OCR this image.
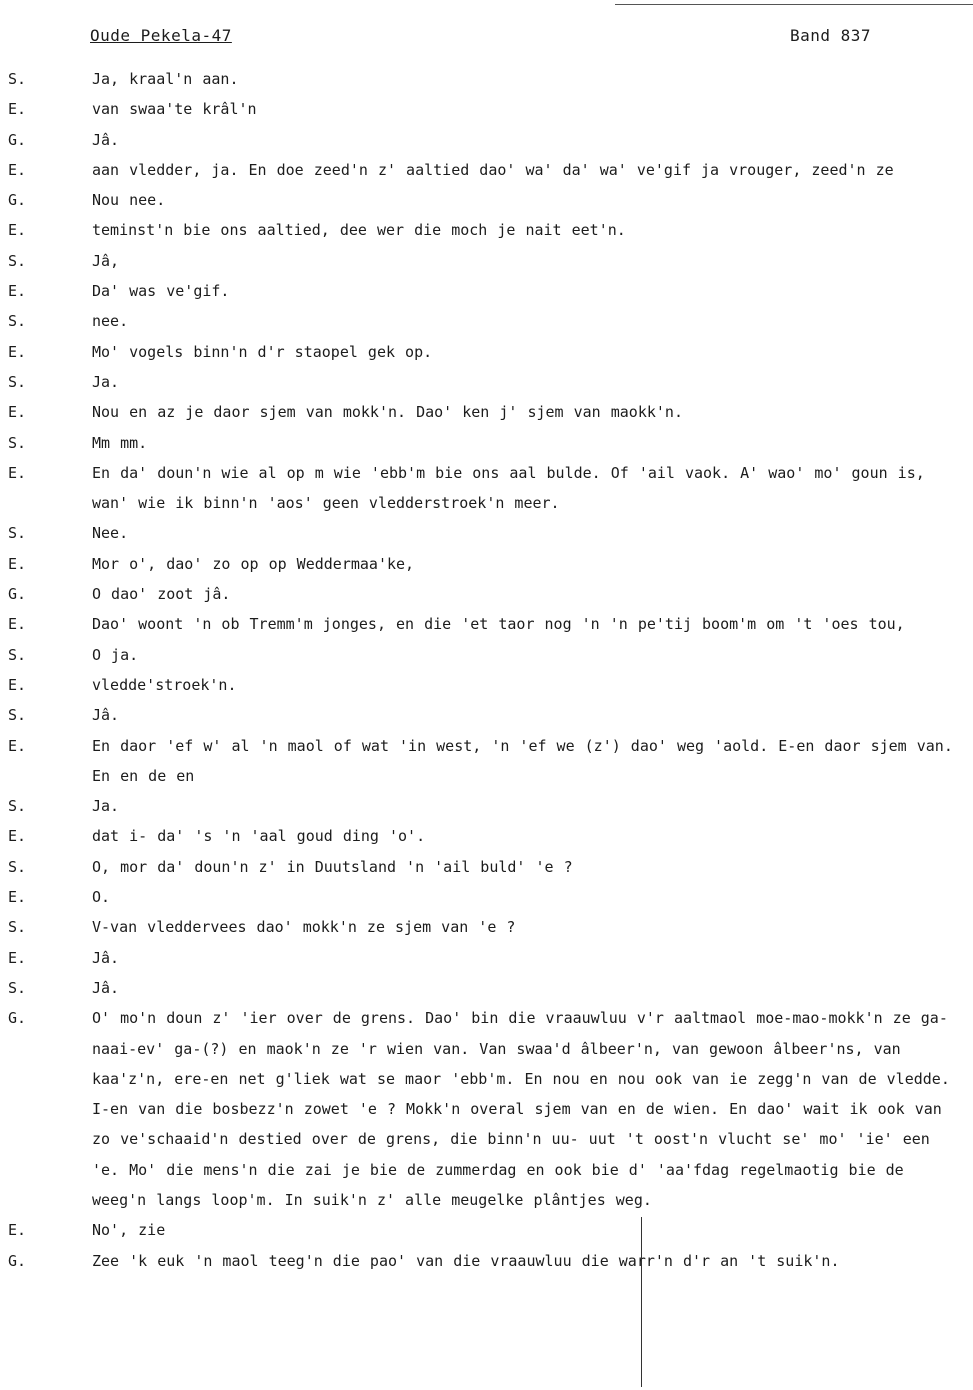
Oude Pekela-47	Band 837
S.	Ja, kraal'n aan.
E.	van swaa'te krâl'n
G.	Jâ.
E.	aan vledder, ja. En doe zeed'n z' aaltied dao' wa' da' wa' ve'gif ja vrouger, zeed'n ze
G.	Nou nee.
E.	teminst'n bie ons aaltied, dee wer die moch je nait eet'n.
S.	Jâ,
E.	Da' was ve'gif.
S.	nee.
E.	Mo' vogels binn'n d'r staopel gek op.
S.	Ja.
E.	Nou en az je daor sjem van mokk'n. Dao' ken j' sjem van maokk'n.
S.	Mm mm.
E.	En da' doun'n wie al op m wie 'ebb'm bie ons aal bulde. Of 'ail vaok. A' wao' mo' goun is, wan' wie ik binn'n 'aos' geen vledderstroek'n meer.
S.	Nee.
E.	Mor o', dao' zo op op Weddermaa'ke,
G.	O dao' zoot jâ.
E.	Dao' woont 'n ob Tremm'm jonges, en die 'et taor nog 'n 'n pe'tij boom'm om 't 'oes tou,
S.	O ja.
E.	vledde'stroek'n.
S.	Jâ.
E.	En daor 'ef w' al 'n maol of wat 'in west, 'n 'ef we (z') dao' weg 'aold. E-en daor sjem van. En en de en
S.	Ja.
E.	dat i- da' 's 'n 'aal goud ding 'o'.
S.	O, mor da' doun'n z' in Duutsland 'n 'ail buld' 'e ?
E.	O.
S.	V-van vleddervees dao' mokk'n ze sjem van 'e ?
E.	Jâ.
S.	Jâ.
G.	O' mo'n doun z' 'ier over de grens. Dao' bin die vraauwluu v'r aaltmaol moe-mao-mokk'n ze ga- naai-ev' ga-(?) en maok'n ze 'r wien van. Van swaa'd âlbeer'n, van gewoon âlbeer'ns, van kaa'z'n, ere-en net g'liek wat se maor 'ebb'm. En nou en nou ook van ie zegg'n van de vledde. I-en van die bosbezz'n zowet 'e ? Mokk'n overal sjem van en de wien. En dao' wait ik ook van zo ve'schaaid'n destied over de grens, die binn'n uu- uut 't oost'n vlucht se' mo' 'ie' een 'e. Mo' die mens'n die zai je bie de zummerdag en ook bie d' 'aa'fdag regelmaotig bie de weeg'n langs loop'm. In suik'n z' alle meugelke plântjes weg.
E.	No', zie
G.	Zee 'k euk 'n maol teeg'n die pao' van die vraauwluu die warr'n d'r an 't suik'n.
